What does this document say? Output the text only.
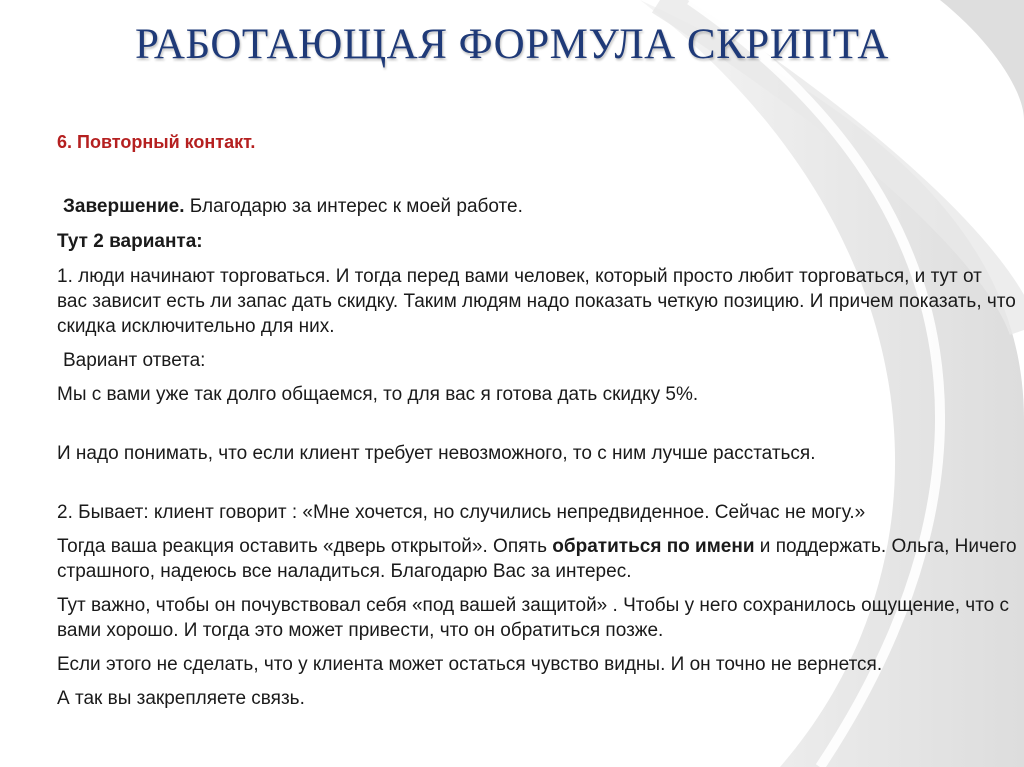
РАБОТАЮЩАЯ ФОРМУЛА СКРИПТА

6. Повторный контакт.

Завершение. Благодарю за интерес к моей работе.

Тут 2 варианта:

1. люди начинают торговаться. И тогда перед вами человек, который просто любит торговаться, и тут от вас зависит есть ли запас дать скидку. Таким людям надо показать четкую позицию. И причем показать, что скидка исключительно для них.

Вариант ответа:

Мы с вами уже так долго общаемся, то для вас я готова дать скидку 5%.

И надо понимать, что если клиент требует невозможного, то с ним лучше расстаться.

2. Бывает: клиент говорит : «Мне хочется, но случились непредвиденное. Сейчас не могу.»

Тогда ваша реакция оставить «дверь открытой». Опять обратиться по имени и поддержать. Ольга, Ничего страшного, надеюсь все наладиться. Благодарю Вас за интерес.

Тут важно, чтобы он почувствовал себя «под вашей защитой» . Чтобы у него сохранилось ощущение, что с вами хорошо. И тогда это может привести, что он обратиться позже.

Если этого не сделать, что у клиента может остаться чувство видны. И он точно не вернется.

А так вы закрепляете связь.
